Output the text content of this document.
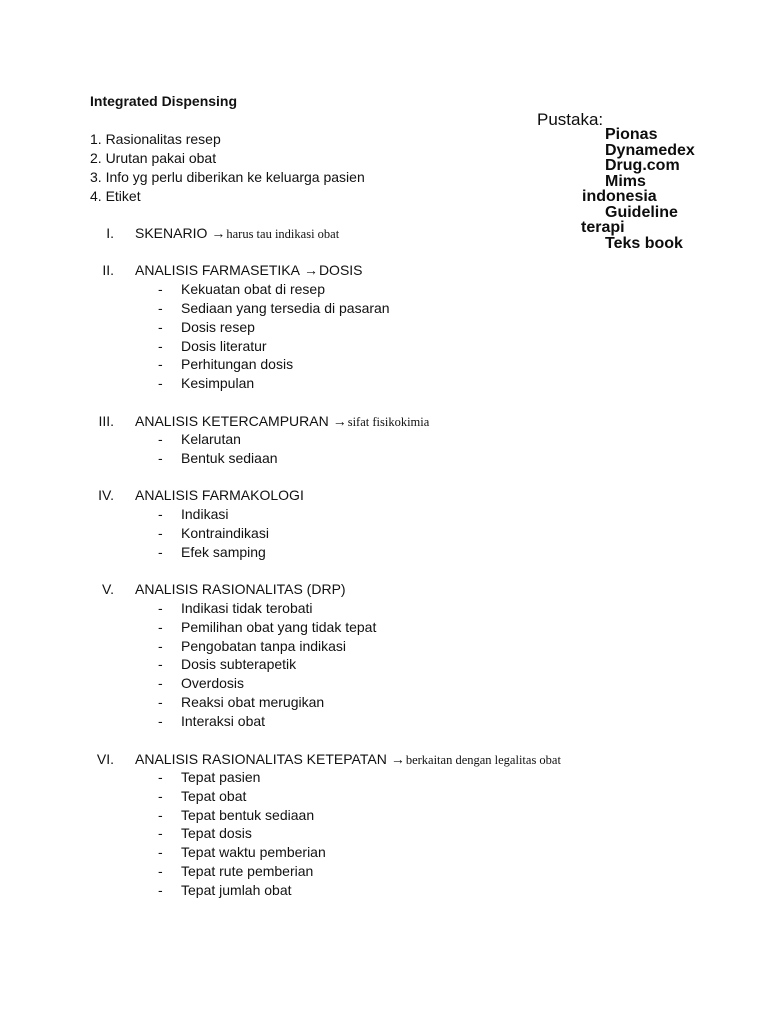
Integrated Dispensing
1. Rasionalitas resep
2. Urutan pakai obat
3. Info yg perlu diberikan ke keluarga pasien
4. Etiket
Pustaka:
Pionas
Dynamedex
Drug.com
Mims
indonesia
Guideline
terapi
Teks book
I. SKENARIO →harus tau indikasi obat
II. ANALISIS FARMASETIKA →DOSIS
- Kekuatan obat di resep
- Sediaan yang tersedia di pasaran
- Dosis resep
- Dosis literatur
- Perhitungan dosis
- Kesimpulan
III. ANALISIS KETERCAMPURAN →sifat fisikokimia
- Kelarutan
- Bentuk sediaan
IV. ANALISIS FARMAKOLOGI
- Indikasi
- Kontraindikasi
- Efek samping
V. ANALISIS RASIONALITAS (DRP)
- Indikasi tidak terobati
- Pemilihan obat yang tidak tepat
- Pengobatan tanpa indikasi
- Dosis subterapetik
- Overdosis
- Reaksi obat merugikan
- Interaksi obat
VI. ANALISIS RASIONALITAS KETEPATAN →berkaitan dengan legalitas obat
- Tepat pasien
- Tepat obat
- Tepat bentuk sediaan
- Tepat dosis
- Tepat waktu pemberian
- Tepat rute pemberian
- Tepat jumlah obat
